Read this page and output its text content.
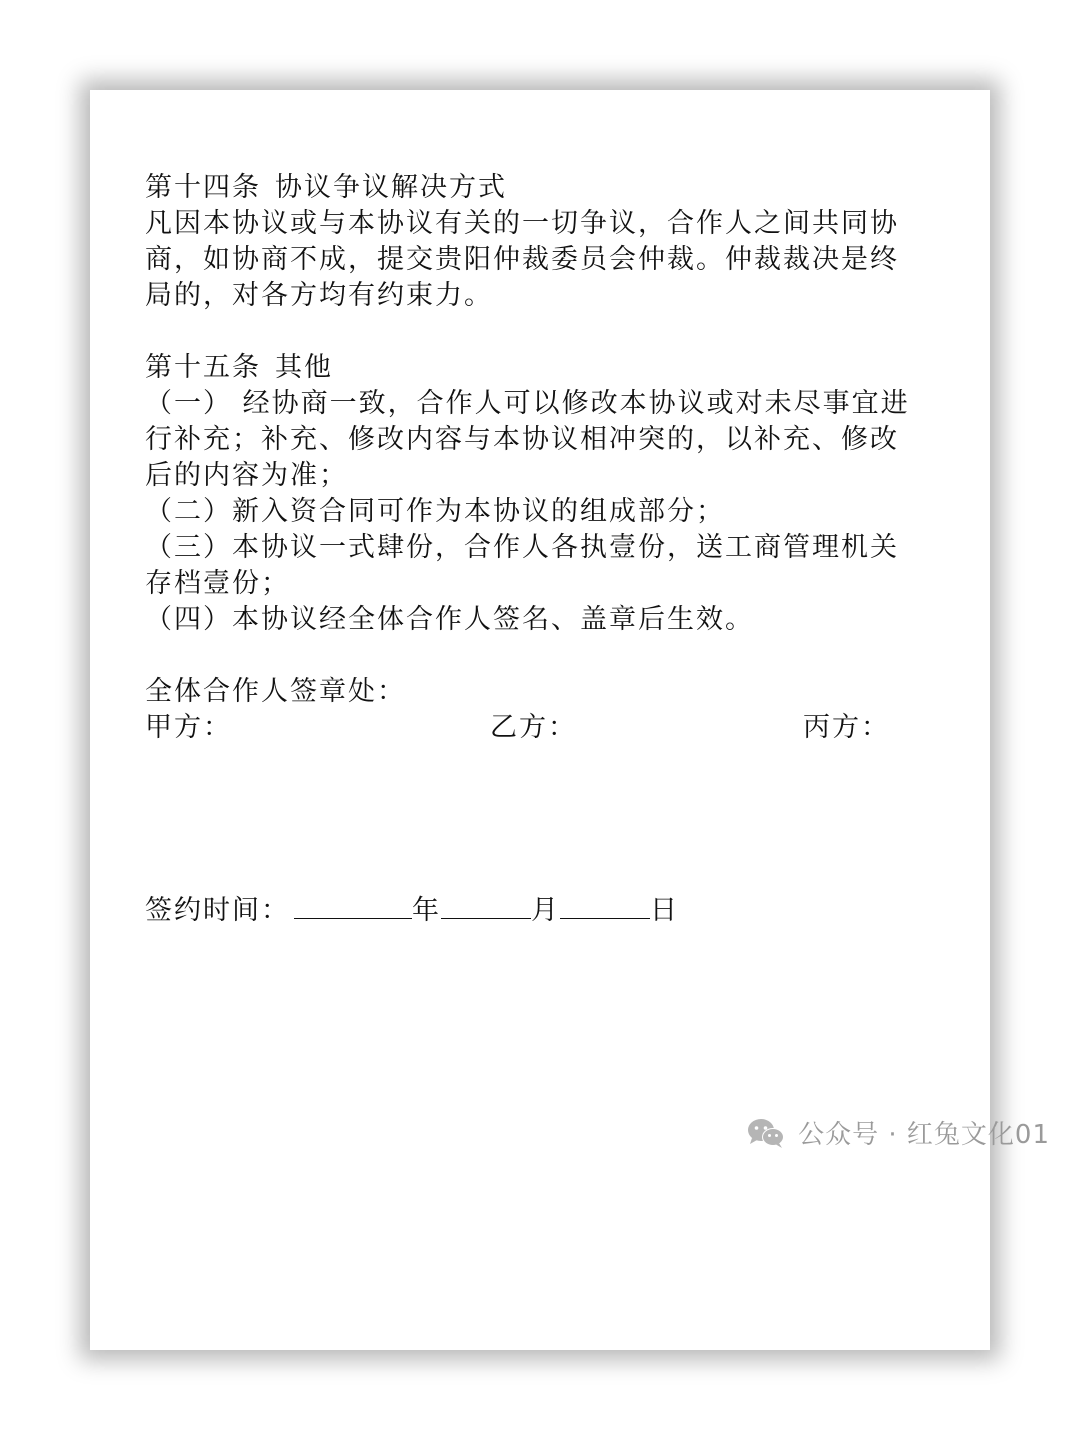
第十四条 协议争议解决方式
凡因本协议或与本协议有关的一切争议，合作人之间共同协
商，如协商不成，提交贵阳仲裁委员会仲裁。仲裁裁决是终
局的，对各方均有约束力。
第十五条 其他
（一） 经协商一致，合作人可以修改本协议或对未尽事宜进
行补充；补充、修改内容与本协议相冲突的，以补充、修改
后的内容为准；
（二）新入资合同可作为本协议的组成部分；
（三）本协议一式肆份，合作人各执壹份，送工商管理机关
存档壹份；
（四）本协议经全体合作人签名、盖章后生效。
全体合作人签章处：
甲方：	乙方：	丙方：
签约时间：	年	月	日
公众号 · 红兔文化01
